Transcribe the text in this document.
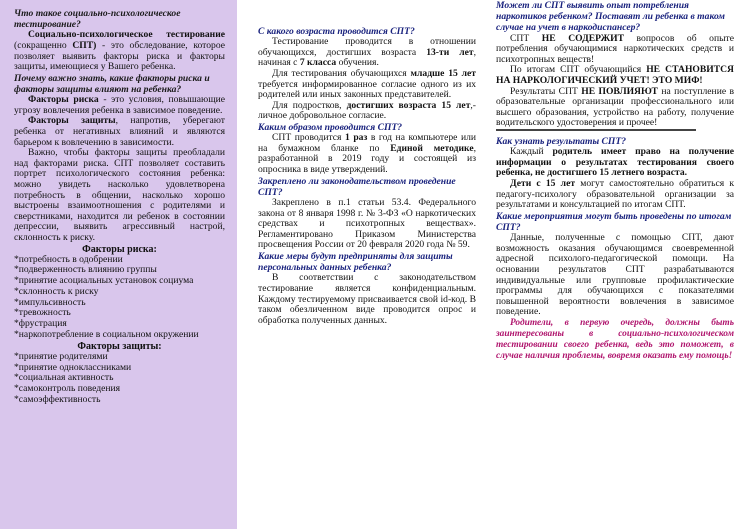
Что такое социально-психологическое тестирование?

Социально-психологическое тестирование (сокращенно СПТ) - это обследование, которое позволяет выявить факторы риска и факторы защиты, имеющиеся у Вашего ребенка.

Почему важно знать, какие факторы риска и факторы защиты влияют на ребенка?

Факторы риска - это условия, повышающие угрозу вовлечения ребенка в зависимое поведение.

Факторы защиты, напротив, уберегают ребенка от негативных влияний и являются барьером к вовлечению в зависимости.

Важно, чтобы факторы защиты преобладали над факторами риска. СПТ позволяет составить портрет психологического состояния ребенка: можно увидеть насколько удовлетворена потребность в общении, насколько хорошо выстроены взаимоотношения с родителями и сверстниками, находится ли ребенок в состоянии депрессии, выявить агрессивный настрой, склонность к риску.

Факторы риска:

*потребность в одобрении
*подверженность влиянию группы
*принятие асоциальных установок социума
*склонность к риску
*импульсивность
*тревожность
*фрустрация
*наркопотребление в социальном окружении

Факторы защиты:

*принятие родителями
*принятие одноклассниками
*социальная активность
*самоконтроль поведения
*самоэффективность

С какого возраста проводится СПТ?

Тестирование проводится в отношении обучающихся, достигших возраста 13-ти лет, начиная с 7 класса обучения.

Для тестирования обучающихся младше 15 лет требуется информированное согласие одного из их родителей или иных законных представителей.

Для подростков, достигших возраста 15 лет,-личное добровольное согласие.

Каким образом проводится СПТ?

СПТ проводится 1 раз в год на компьютере или на бумажном бланке по Единой методике, разработанной в 2019 году и состоящей из опросника в виде утверждений.

Закреплено ли законодательством проведение СПТ?

Закреплено в п.1 статьи 53.4. Федерального закона от 8 января 1998 г. № 3-ФЗ «О наркотических средствах и психотропных веществах». Регламентировано Приказом Министерства просвещения России от 20 февраля 2020 года № 59.

Какие меры будут предприняты для защиты персональных данных ребенка?

В соответствии с законодательством тестирование является конфиденциальным. Каждому тестируемому присваивается свой id-код. В таком обезличенном виде проводится опрос и обработка полученных данных.

Может ли СПТ выявить опыт потребления наркотиков ребенком? Поставят ли ребенка в таком случае на учет в наркодиспансер?

СПТ НЕ СОДЕРЖИТ вопросов об опыте потребления обучающимися наркотических средств и психотропных веществ!

По итогам СПТ обучающийся НЕ СТАНОВИТСЯ НА НАРКОЛОГИЧЕСКИЙ УЧЕТ! ЭТО МИФ!

Результаты СПТ НЕ ПОВЛИЯЮТ на поступление в образовательные организации профессионального или высшего образования, устройство на работу, получение водительского удостоверения и прочее!

Как узнать результаты СПТ?

Каждый родитель имеет право на получение информации о результатах тестирования своего ребенка, не достигшего 15 летнего возраста.

Дети с 15 лет могут самостоятельно обратиться к педагогу-психологу образовательной организации за результатами и консультацией по итогам СПТ.

Какие мероприятия могут быть проведены по итогам СПТ?

Данные, полученные с помощью СПТ, дают возможность оказания обучающимся своевременной адресной психолого-педагогической помощи. На основании результатов СПТ разрабатываются индивидуальные или групповые профилактические программы для обучающихся с показателями повышенной вероятности вовлечения в зависимое поведение.

Родители, в первую очередь, должны быть заинтересованы в социально-психологическом тестировании своего ребенка, ведь это поможет, в случае наличия проблемы, вовремя оказать ему помощь!
